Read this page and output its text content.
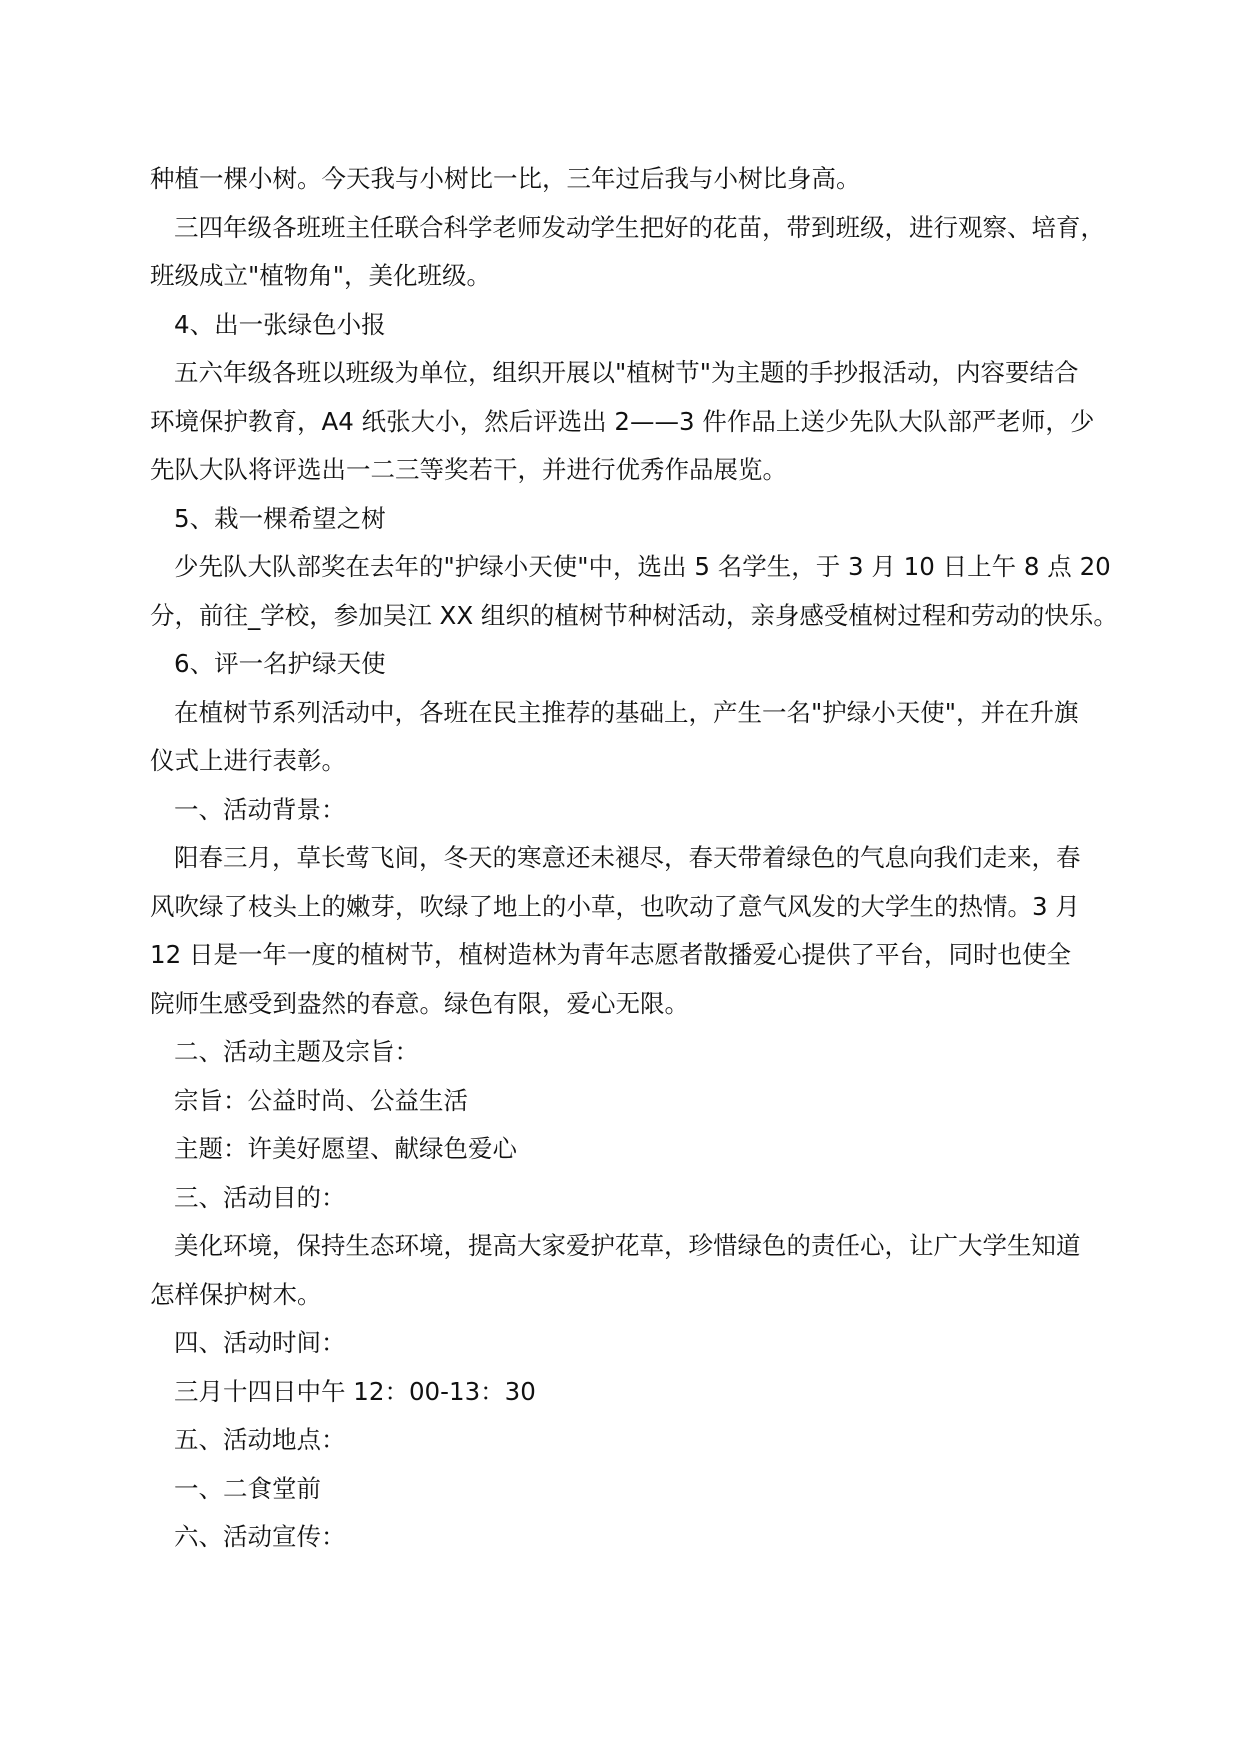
种植一棵小树。今天我与小树比一比，三年过后我与小树比身高。
三四年级各班班主任联合科学老师发动学生把好的花苗，带到班级，进行观察、培育，
班级成立"植物角"，美化班级。
4、出一张绿色小报
五六年级各班以班级为单位，组织开展以"植树节"为主题的手抄报活动，内容要结合
环境保护教育，A4 纸张大小，然后评选出 2——3 件作品上送少先队大队部严老师，少
先队大队将评选出一二三等奖若干，并进行优秀作品展览。
5、栽一棵希望之树
少先队大队部奖在去年的"护绿小天使"中，选出 5 名学生，于 3 月 10 日上午 8 点 20
分，前往_学校，参加吴江 XX 组织的植树节种树活动，亲身感受植树过程和劳动的快乐。
6、评一名护绿天使
在植树节系列活动中，各班在民主推荐的基础上，产生一名"护绿小天使"，并在升旗
仪式上进行表彰。
一、活动背景：
阳春三月，草长莺飞间，冬天的寒意还未褪尽，春天带着绿色的气息向我们走来，春
风吹绿了枝头上的嫩芽，吹绿了地上的小草，也吹动了意气风发的大学生的热情。3 月
12 日是一年一度的植树节，植树造林为青年志愿者散播爱心提供了平台，同时也使全
院师生感受到盎然的春意。绿色有限，爱心无限。
二、活动主题及宗旨：
宗旨：公益时尚、公益生活
主题：许美好愿望、献绿色爱心
三、活动目的：
美化环境，保持生态环境，提高大家爱护花草，珍惜绿色的责任心，让广大学生知道
怎样保护树木。
四、活动时间：
三月十四日中午 12：00-13：30
五、活动地点：
一、二食堂前
六、活动宣传：
